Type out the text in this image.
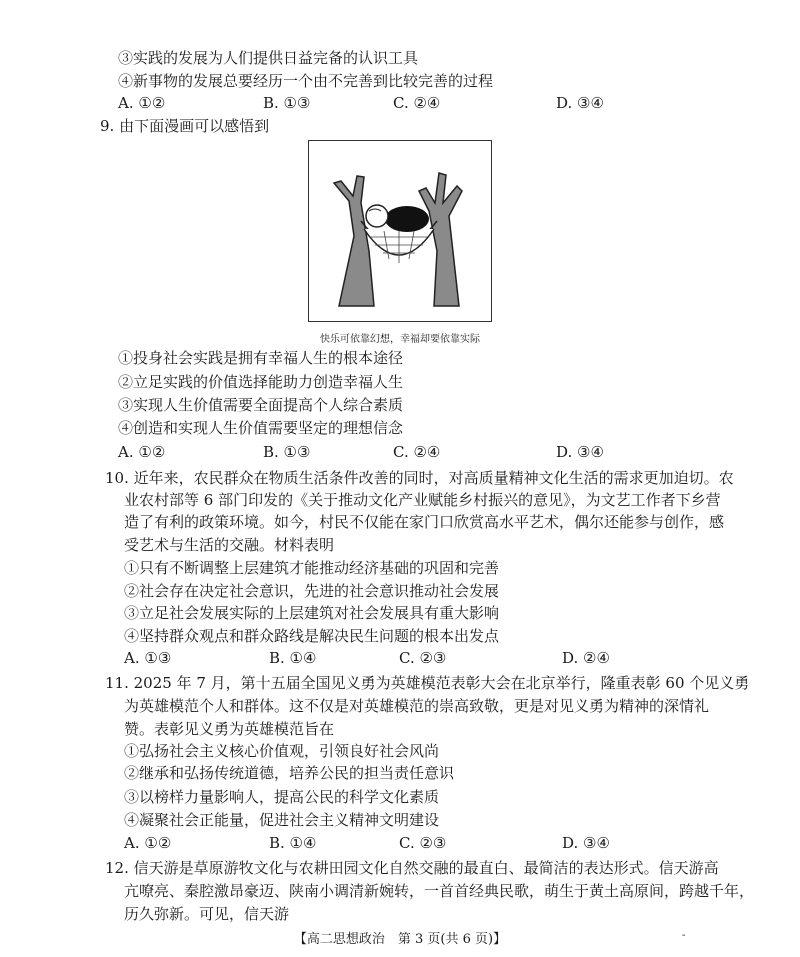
③实践的发展为人们提供日益完备的认识工具
④新事物的发展总要经历一个由不完善到比较完善的过程
A. ①②	B. ①③	C. ②④	D. ③④
9. 由下面漫画可以感悟到
快乐可依靠幻想，幸福却要依靠实际
①投身社会实践是拥有幸福人生的根本途径
②立足实践的价值选择能助力创造幸福人生
③实现人生价值需要全面提高个人综合素质
④创造和实现人生价值需要坚定的理想信念
A. ①②	B. ①③	C. ②④	D. ③④
10. 近年来，农民群众在物质生活条件改善的同时，对高质量精神文化生活的需求更加迫切。农
业农村部等 6 部门印发的《关于推动文化产业赋能乡村振兴的意见》，为文艺工作者下乡营
造了有利的政策环境。如今，村民不仅能在家门口欣赏高水平艺术，偶尔还能参与创作，感
受艺术与生活的交融。材料表明
①只有不断调整上层建筑才能推动经济基础的巩固和完善
②社会存在决定社会意识，先进的社会意识推动社会发展
③立足社会发展实际的上层建筑对社会发展具有重大影响
④坚持群众观点和群众路线是解决民生问题的根本出发点
A. ①③	B. ①④	C. ②③	D. ②④
11. 2025 年 7 月，第十五届全国见义勇为英雄模范表彰大会在北京举行，隆重表彰 60 个见义勇
为英雄模范个人和群体。这不仅是对英雄模范的崇高致敬，更是对见义勇为精神的深情礼
赞。表彰见义勇为英雄模范旨在
①弘扬社会主义核心价值观，引领良好社会风尚
②继承和弘扬传统道德，培养公民的担当责任意识
③以榜样力量影响人，提高公民的科学文化素质
④凝聚社会正能量，促进社会主义精神文明建设
A. ①②	B. ①④	C. ②③	D. ③④
12. 信天游是草原游牧文化与农耕田园文化自然交融的最直白、最简洁的表达形式。信天游高
亢嘹亮、秦腔激昂豪迈、陕南小调清新婉转，一首首经典民歌，萌生于黄土高原间，跨越千年，
历久弥新。可见，信天游
【高二思想政治　第 3 页(共 6 页)】	-
